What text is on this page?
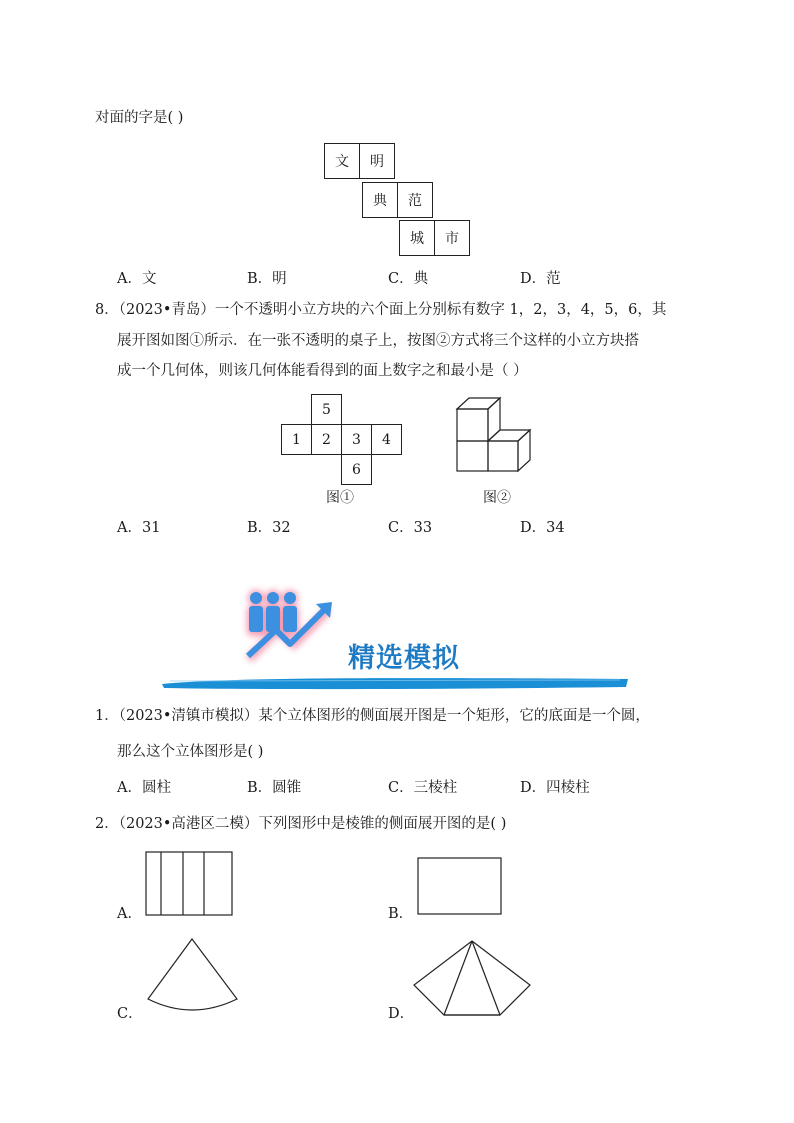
对面的字是( )
文	明
典	范
城	市
A．文	B．明	C．典	D．范
8．（2023•青岛）一个不透明小立方块的六个面上分别标有数字 1，2，3，4，5，6，其
展开图如图①所示．在一张不透明的桌子上，按图②方式将三个这样的小立方块搭
成一个几何体，则该几何体能看得到的面上数字之和最小是（ ）
5
1	2	3	4
6
图①	图②
A．31	B．32	C．33	D．34
精选模拟
1．（2023•清镇市模拟）某个立体图形的侧面展开图是一个矩形，它的底面是一个圆，
那么这个立体图形是( )
A．圆柱	B．圆锥	C．三棱柱	D．四棱柱
2．（2023•高港区二模）下列图形中是棱锥的侧面展开图的是( )
A．	B．
C．	D．
